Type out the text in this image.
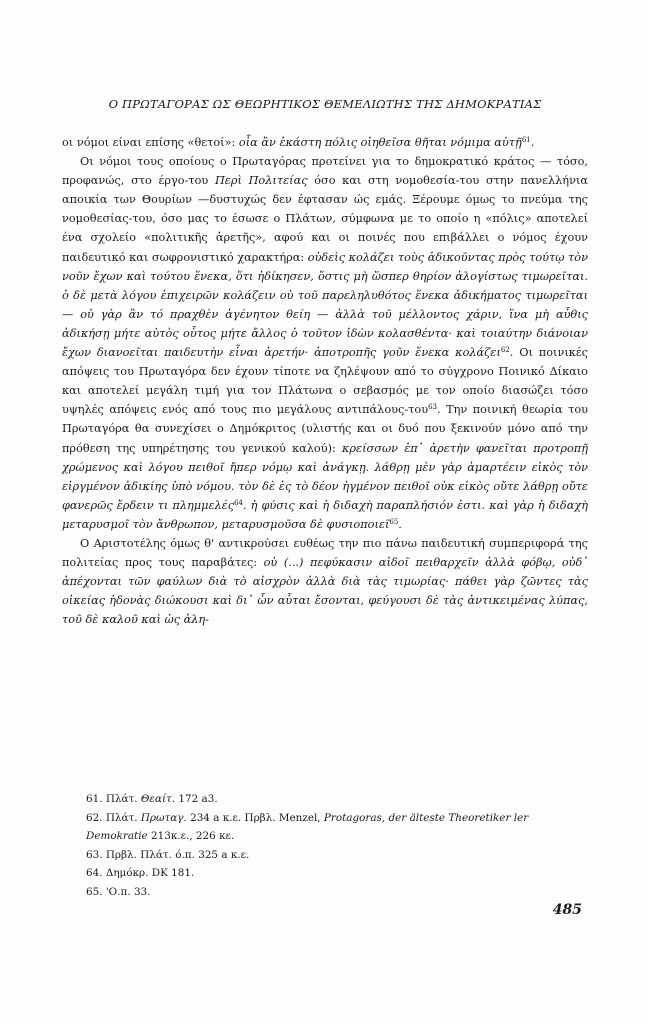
Ο ΠΡΩΤΑΓΟΡΑΣ ΩΣ ΘΕΩΡΗΤΙΚΟΣ ΘΕΜΕΛΙΩΤΗΣ ΤΗΣ ΔΗΜΟΚΡΑΤΙΑΣ

οι νόμοι είναι επίσης «θετοί»: οἷα ἂν ἑκάστη πόλις οἰηθεῖσα θῆται νόμιμα αὐτῇ$^{61}$.

Οι νόμοι τους οποίους ο Πρωταγόρας προτείνει για το δημοκρατικό κράτος — τόσο, προφανώς, στο έργο-του Περὶ Πολιτείας όσο και στη νομοθεσία-του στην πανελλήνια αποικία των Θουρίων —δυστυχώς δεν έφτασαν ώς εμάς. Ξέρουμε όμως το πνεύμα της νομοθεσίας-του, όσο μας το έσωσε ο Πλάτων, σύμφωνα με το οποίο η «πόλις» αποτελεί ένα σχολείο «πολιτικῆς ἀρετῆς», αφού και οι ποινές που επιβάλλει ο νόμος έχουν παιδευτικό και σωφρονιστικό χαρακτήρα: οὐδεὶς κολάζει τοὺς ἀδικοῦντας πρὸς τούτῳ τὸν νοῦν ἔχων καὶ τούτου ἕνεκα, ὅτι ἠδίκησεν, ὅστις μὴ ὥσπερ θηρίον ἀλογίστως τιμωρεῖται. ὁ δὲ μετὰ λόγου ἐπιχειρῶν κολάζειν οὐ τοῦ παρεληλυθότος ἕνεκα ἀδικήματος τιμωρεῖται— οὐ γὰρ ἂν τό πραχθὲν ἀγένητον θείη — ἀλλὰ τοῦ μέλλοντος χάριν, ἵνα μὴ αὖθις ἀδικήσῃ μήτε αὐτὸς οὗτος μήτε ἄλλος ὁ τοῦτον ἰδὼν κολασθέντα· καὶ τοιαύτην διάνοιαν ἔχων διανοεῖται παιδευτὴν εἶναι ἀρετήν· ἀποτροπῆς γοῦν ἕνεκα κολάζει$^{62}$. Οι ποινικές απόψεις του Πρωταγόρα δεν έχουν τίποτε να ζηλέψουν από το σύγχρονο Ποινικό Δίκαιο και αποτελεί μεγάλη τιμή για τον Πλάτωνα ο σεβασμός με τον οποίο διασώζει τόσο υψηλές απόψεις ενός από τους πιο μεγάλους αντιπάλους-του$^{63}$. Την ποινική θεωρία του Πρωταγόρα θα συνεχίσει ο Δημόκριτος (υλιστής και οι δυό που ξεκινούν μόνο από την πρόθεση της υπηρέτησης του γενικού καλού): κρείσσων ἐπ᾽ ἀρετὴν φανεῖται προτροπῇ χρώμενος καὶ λόγου πειθοῖ ἤπερ νόμῳ καὶ ἀνάγκῃ. λάθρῃ μὲν γὰρ ἁμαρτέειν εἰκὸς τὸν εἰργμένον ἀδικίης ὑπὸ νόμου. τὸν δὲ ἐς τὸ δέον ἠγμένον πειθοῖ οὐκ εἰκὸς οὔτε λάθρῃ οὔτε φανερῶς ἔρδειν τι πλημμελές$^{64}$. ἡ φύσις καὶ ἡ διδαχὴ παραπλήσιόν ἐστι. καὶ γὰρ ἡ διδαχὴ μεταρυσμοῖ τὸν ἄνθρωπον, μεταρυσμοῦσα δὲ φυσιοποιεῖ$^{65}$.

Ο Αριστοτέλης όμως θ' αντικρούσει ευθέως την πιο πάνω παιδευτική συμπεριφορά της πολιτείας προς τους παραβάτες: οὐ (...) πεφύκασιν αἰδοῖ πειθαρχεῖν ἀλλὰ φόβῳ, οὐδ᾽ ἀπέχονται τῶν φαύλων διὰ τὸ αἰσχρὸν ἀλλὰ διὰ τὰς τιμωρίας· πάθει γὰρ ζῶντες τὰς οἰκείας ἡδονὰς διώκουσι καὶ δι᾽ ὧν αὗται ἔσονται, φεύγουσι δὲ τὰς ἀντικειμένας λύπας, τοῦ δὲ καλοῦ καὶ ὡς ἀλη-

61. Πλάτ. Θεαίτ. 172 a3.
62. Πλάτ. Πρωταγ. 234 a κ.ε. Πρβλ. Menzel, Protagoras, der ältestе Theoretiker ler Demokratie 213κ.ε., 226 κε.
63. Πρβλ. Πλάτ. ό.π. 325 a κ.ε.
64. Δημόκρ. DK 181.
65. 'Ο.π. 33.
485
